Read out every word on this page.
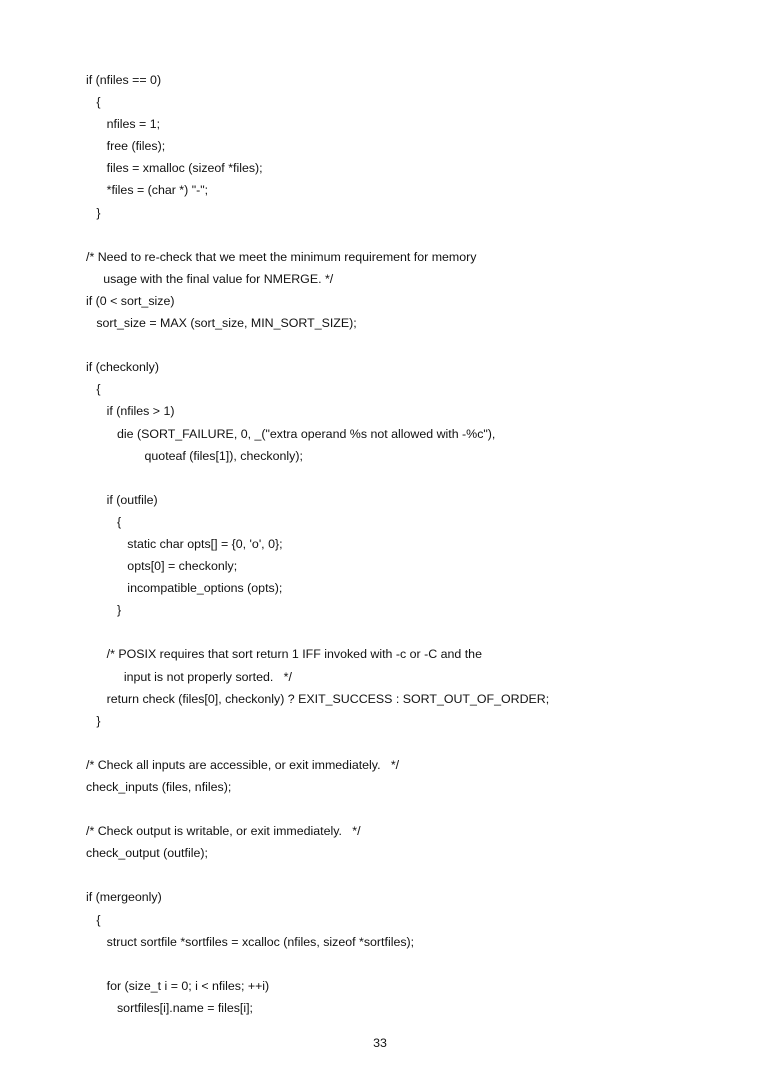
if (nfiles == 0)
{
nfiles = 1;
free (files);
files = xmalloc (sizeof *files);
*files = (char *) "-";
}
/* Need to re-check that we meet the minimum requirement for memory
usage with the final value for NMERGE. */
if (0 < sort_size)
sort_size = MAX (sort_size, MIN_SORT_SIZE);
if (checkonly)
{
if (nfiles > 1)
die (SORT_FAILURE, 0, _("extra operand %s not allowed with -%c"),
quoteaf (files[1]), checkonly);
if (outfile)
{
static char opts[] = {0, 'o', 0};
opts[0] = checkonly;
incompatible_options (opts);
}
/* POSIX requires that sort return 1 IFF invoked with -c or -C and the
input is not properly sorted.   */
return check (files[0], checkonly) ? EXIT_SUCCESS : SORT_OUT_OF_ORDER;
}
/* Check all inputs are accessible, or exit immediately.   */
check_inputs (files, nfiles);
/* Check output is writable, or exit immediately.   */
check_output (outfile);
if (mergeonly)
{
struct sortfile *sortfiles = xcalloc (nfiles, sizeof *sortfiles);
for (size_t i = 0; i < nfiles; ++i)
sortfiles[i].name = files[i];
33
